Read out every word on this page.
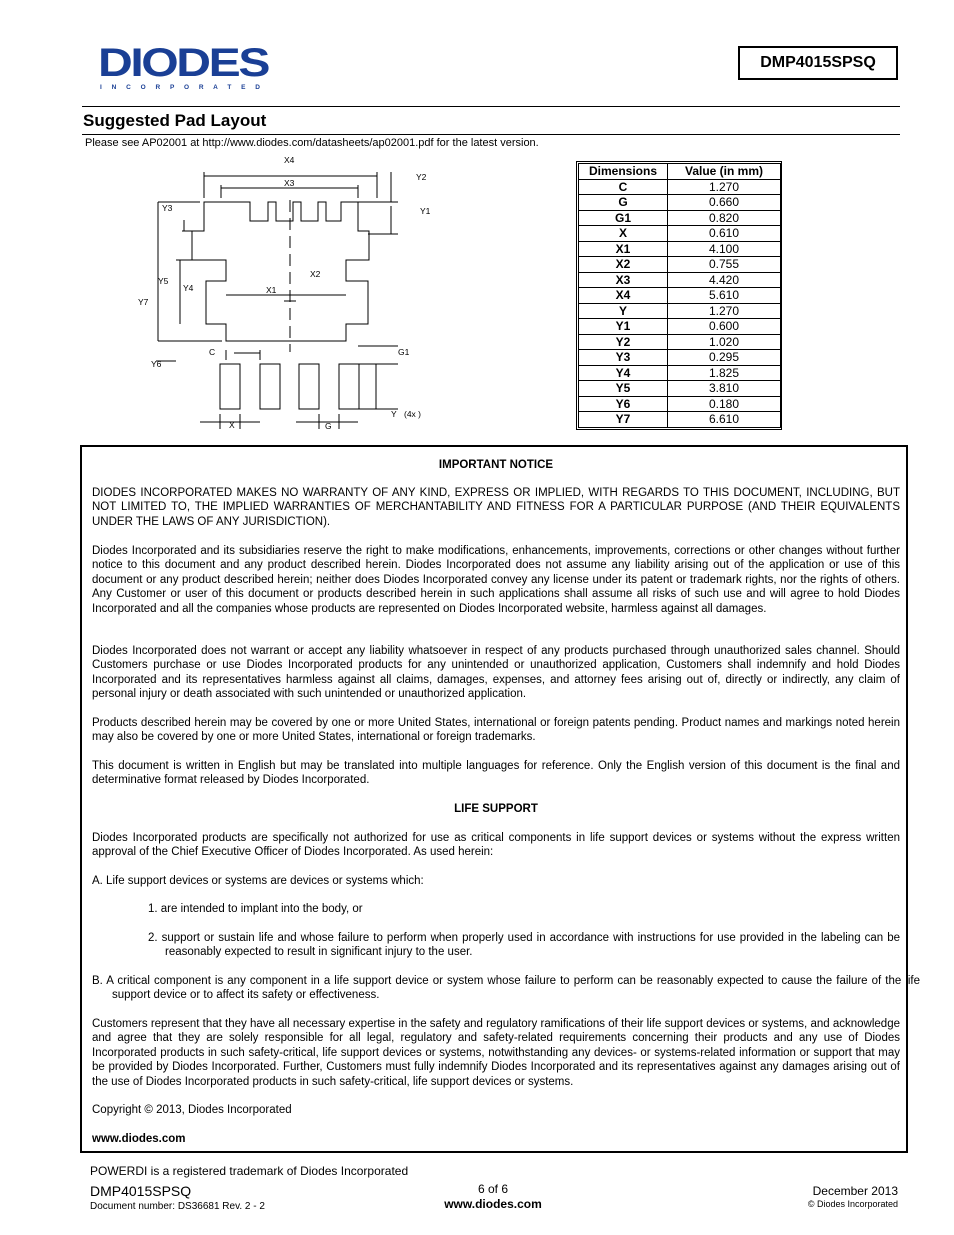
DIODES
I N C O R P O R A T E D
DMP4015SPSQ
Suggested Pad Layout
Please see AP02001 at http://www.diodes.com/datasheets/ap02001.pdf for the latest version.
X4
X3
Y2
Y1
Y3
X2
Y5
Y4	X1
Y7
C	G1
Y6
Y (4x )
X	G
Dimensions	Value (in mm)
C	1.270
G	0.660
G1	0.820
X	0.610
X1	4.100
X2	0.755
X3	4.420
X4	5.610
Y	1.270
Y1	0.600
Y2	1.020
Y3	0.295
Y4	1.825
Y5	3.810
Y6	0.180
Y7	6.610
IMPORTANT NOTICE
DIODES INCORPORATED MAKES NO WARRANTY OF ANY KIND, EXPRESS OR IMPLIED, WITH REGARDS TO THIS DOCUMENT, INCLUDING, BUT NOT LIMITED TO, THE IMPLIED WARRANTIES OF MERCHANTABILITY AND FITNESS FOR A PARTICULAR PURPOSE (AND THEIR EQUIVALENTS UNDER THE LAWS OF ANY JURISDICTION).
Diodes Incorporated and its subsidiaries reserve the right to make modifications, enhancements, improvements, corrections or other changes without further notice to this document and any product described herein. Diodes Incorporated does not assume any liability arising out of the application or use of this document or any product described herein; neither does Diodes Incorporated convey any license under its patent or trademark rights, nor the rights of others. Any Customer or user of this document or products described herein in such applications shall assume all risks of such use and will agree to hold Diodes Incorporated and all the companies whose products are represented on Diodes Incorporated website, harmless against all damages.
Diodes Incorporated does not warrant or accept any liability whatsoever in respect of any products purchased through unauthorized sales channel. Should Customers purchase or use Diodes Incorporated products for any unintended or unauthorized application, Customers shall indemnify and hold Diodes Incorporated and its representatives harmless against all claims, damages, expenses, and attorney fees arising out of, directly or indirectly, any claim of personal injury or death associated with such unintended or unauthorized application.
Products described herein may be covered by one or more United States, international or foreign patents pending. Product names and markings noted herein may also be covered by one or more United States, international or foreign trademarks.
This document is written in English but may be translated into multiple languages for reference. Only the English version of this document is the final and determinative format released by Diodes Incorporated.
LIFE SUPPORT
Diodes Incorporated products are specifically not authorized for use as critical components in life support devices or systems without the express written approval of the Chief Executive Officer of Diodes Incorporated. As used herein:
A. Life support devices or systems are devices or systems which:
1. are intended to implant into the body, or
2. support or sustain life and whose failure to perform when properly used in accordance with instructions for use provided in the labeling can be reasonably expected to result in significant injury to the user.
B. A critical component is any component in a life support device or system whose failure to perform can be reasonably expected to cause the failure of the life support device or to affect its safety or effectiveness.
Customers represent that they have all necessary expertise in the safety and regulatory ramifications of their life support devices or systems, and acknowledge and agree that they are solely responsible for all legal, regulatory and safety-related requirements concerning their products and any use of Diodes Incorporated products in such safety-critical, life support devices or systems, notwithstanding any devices- or systems-related information or support that may be provided by Diodes Incorporated. Further, Customers must fully indemnify Diodes Incorporated and its representatives against any damages arising out of the use of Diodes Incorporated products in such safety-critical, life support devices or systems.
Copyright © 2013, Diodes Incorporated
www.diodes.com
POWERDI is a registered trademark of Diodes Incorporated
DMP4015SPSQ
Document number: DS36681 Rev. 2 - 2
6 of 6
www.diodes.com
December 2013
© Diodes Incorporated
